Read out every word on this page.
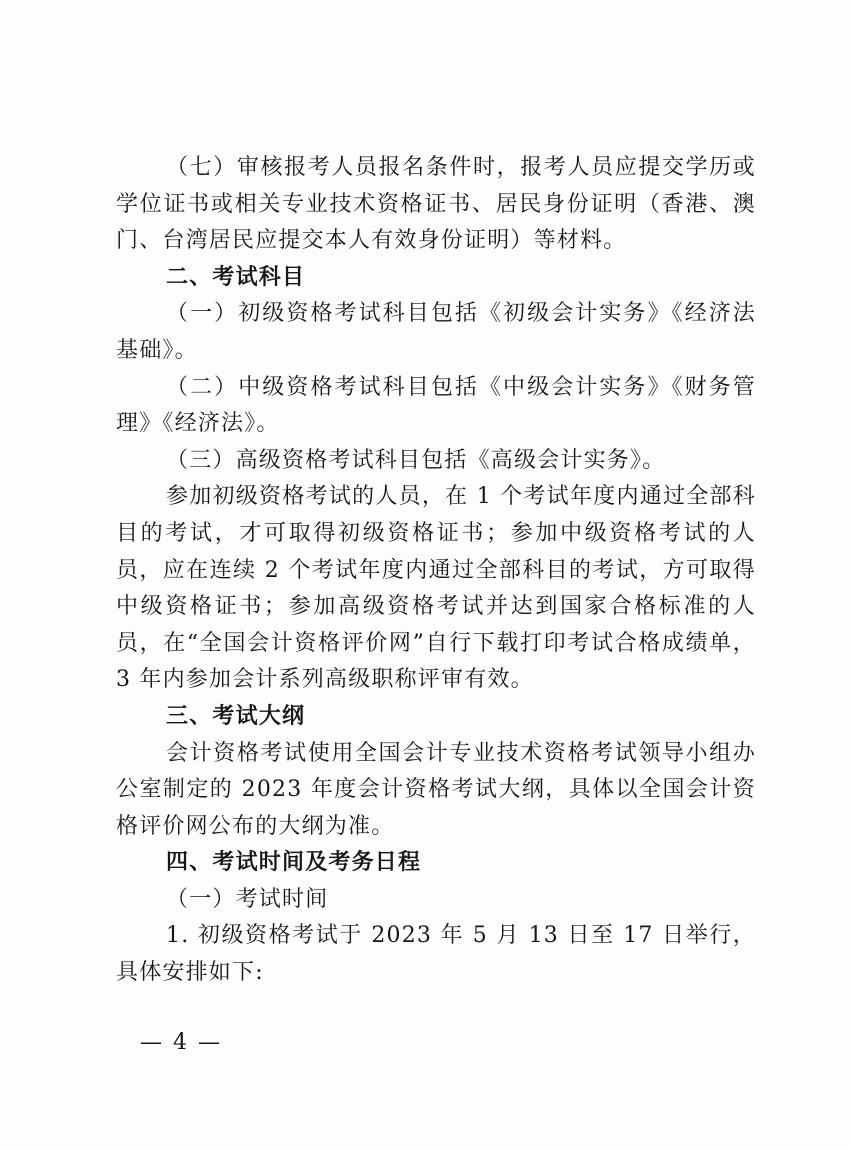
（七）审核报考人员报名条件时，报考人员应提交学历或学位证书或相关专业技术资格证书、居民身份证明（香港、澳门、台湾居民应提交本人有效身份证明）等材料。

二、考试科目

（一）初级资格考试科目包括《初级会计实务》《经济法基础》。

（二）中级资格考试科目包括《中级会计实务》《财务管理》《经济法》。

（三）高级资格考试科目包括《高级会计实务》。

参加初级资格考试的人员，在 1 个考试年度内通过全部科目的考试，才可取得初级资格证书；参加中级资格考试的人员，应在连续 2 个考试年度内通过全部科目的考试，方可取得中级资格证书；参加高级资格考试并达到国家合格标准的人员，在“全国会计资格评价网”自行下载打印考试合格成绩单，3 年内参加会计系列高级职称评审有效。

三、考试大纲

会计资格考试使用全国会计专业技术资格考试领导小组办公室制定的 2023 年度会计资格考试大纲，具体以全国会计资格评价网公布的大纲为准。

四、考试时间及考务日程

（一）考试时间

1. 初级资格考试于 2023 年 5 月 13 日至 17 日举行，具体安排如下:

— 4 —
